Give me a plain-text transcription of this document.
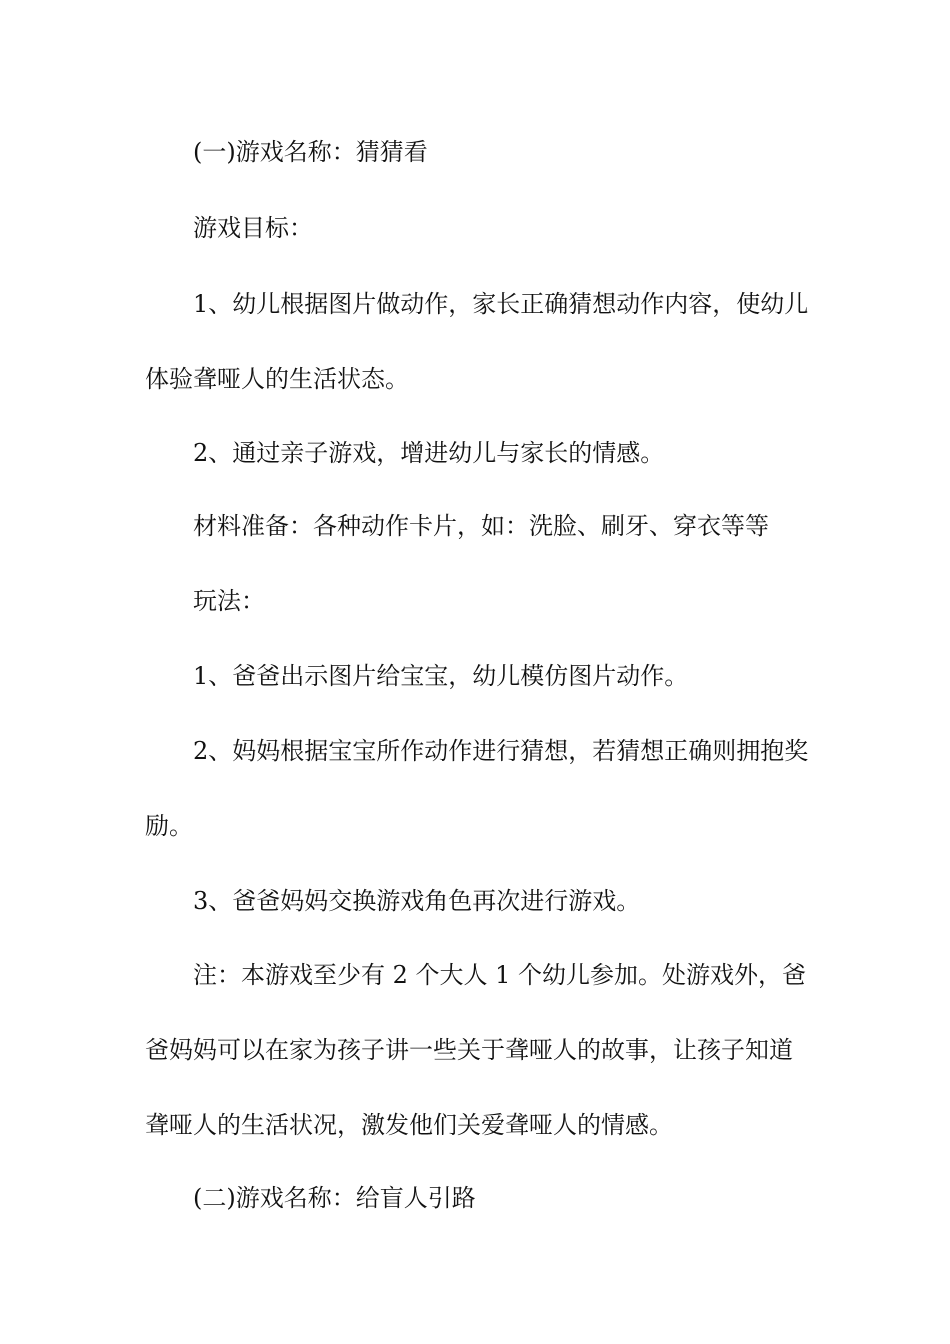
(一)游戏名称：猜猜看
游戏目标：
1、幼儿根据图片做动作，家长正确猜想动作内容，使幼儿
体验聋哑人的生活状态。
2、通过亲子游戏，增进幼儿与家长的情感。
材料准备：各种动作卡片，如：洗脸、刷牙、穿衣等等
玩法：
1、爸爸出示图片给宝宝，幼儿模仿图片动作。
2、妈妈根据宝宝所作动作进行猜想，若猜想正确则拥抱奖
励。
3、爸爸妈妈交换游戏角色再次进行游戏。
注：本游戏至少有 2 个大人 1 个幼儿参加。处游戏外，爸
爸妈妈可以在家为孩子讲一些关于聋哑人的故事，让孩子知道
聋哑人的生活状况，激发他们关爱聋哑人的情感。
(二)游戏名称：给盲人引路
